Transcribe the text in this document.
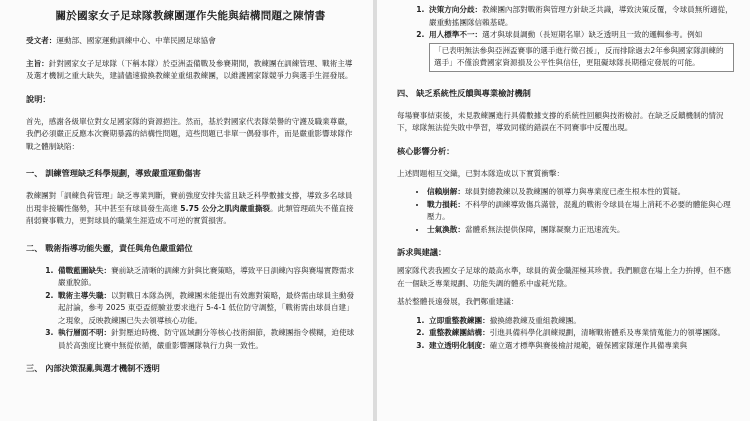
關於國家女子足球隊教練團運作失能與結構問題之陳情書

受文者：運動部、國家運動訓練中心、中華民國足球協會

主旨：針對國家女子足球隊（下稱本隊）於亞洲盃備戰及參賽期間，教練團在訓練管理、戰術主導及選才機制之重大缺失，建請儘速撤換教練並重組教練團，以維護國家隊競爭力與選手生涯發展。

說明：

首先，感謝各級單位對女足國家隊的資源挹注。然而，基於對國家代表隊榮譽的守護及職業尊嚴，我們必須嚴正反應本次賽期暴露的結構性問題，這些問題已非單一偶發事件，而是嚴重影響球隊作戰之體制缺陷：

一、 訓練管理缺乏科學規劃，導致嚴重運動傷害

教練團對「訓練負荷管理」缺乏專業判斷，賽前強度安排失當且缺乏科學數據支撐，導致多名球員出現非接觸性傷勢，其中甚至有球員發生高達 5.75 公分之肌肉嚴重撕裂。此類管理疏失不僅直接削弱賽事戰力，更對球員的職業生涯造成不可逆的實質損害。

二、 戰術指導功能失靈，責任與角色嚴重錯位

1. 備戰藍圖缺失：賽前缺乏清晰的訓練方針與比賽策略，導致平日訓練內容與賽場實際需求嚴重脫節。
2. 戰術主導失職：以對戰日本隊為例，教練團未能提出有效應對策略，最終需由球員主動發起討論，參考 2025 東亞盃經驗並要求進行 5-4-1 低位防守調整，「戰術需由球員自建」之現象，反映教練團已失去領導核心功能。
3. 執行層面不明：針對壓迫時機、防守區域劃分等核心技術細節，教練團指令模糊，迫使球員於高強度比賽中無從依循，嚴重影響團隊執行力與一致性。

三、 內部決策混亂與選才機制不透明

1. 決策方向分歧：教練團內部對戰術與管理方針缺乏共識，導致決策反覆，令球員無所適從，嚴重動搖團隊信賴基礎。
2. 用人標準不一：選才與球員調動（長短期名單）缺乏透明且一致的邏輯參考。例如
「已表明無法參與亞洲盃賽事的選手進行徵召援」，反而排除過去2年參與國家隊訓練的選手」不僅浪費國家資源損及公平性與信任，更阻礙球隊長期穩定發展的可能。

四、 缺乏系統性反饋與專業檢討機制

每場賽事結束後，未見教練團進行具備數據支撐的系統性回顧與技術檢討。在缺乏反饋機制的情況下，球隊無法從失敗中學習，導致同樣的錯誤在不同賽事中反覆出現。

核心影響分析：

上述問題相互交織，已對本隊造成以下實質衝擊：

• 信賴崩解：球員對總教練以及教練團的領導力與專業度已產生根本性的質疑。
• 戰力損耗：不科學的訓練導致傷兵滿營，混亂的戰術令球員在場上消耗不必要的體能與心理壓力。
• 士氣渙散：當體系無法提供保障，團隊凝聚力正迅速流失。

訴求與建議：

國家隊代表我國女子足球的最高水準，球員的黃金職涯極其珍貴。我們願意在場上全力拚搏，但不應在一個缺乏專業規劃、功能失調的體系中虛耗光陰。

基於整體長遠發展，我們鄭重建議：

1. 立即重整教練團：撤換總教練及重組教練團。
2. 重整教練團結構：引進具備科學化訓練規劃，清晰戰術體系及專業情蒐能力的領導團隊。
3. 建立透明化制度：確立選才標準與賽後檢討規範，確保國家隊運作具備專業與
